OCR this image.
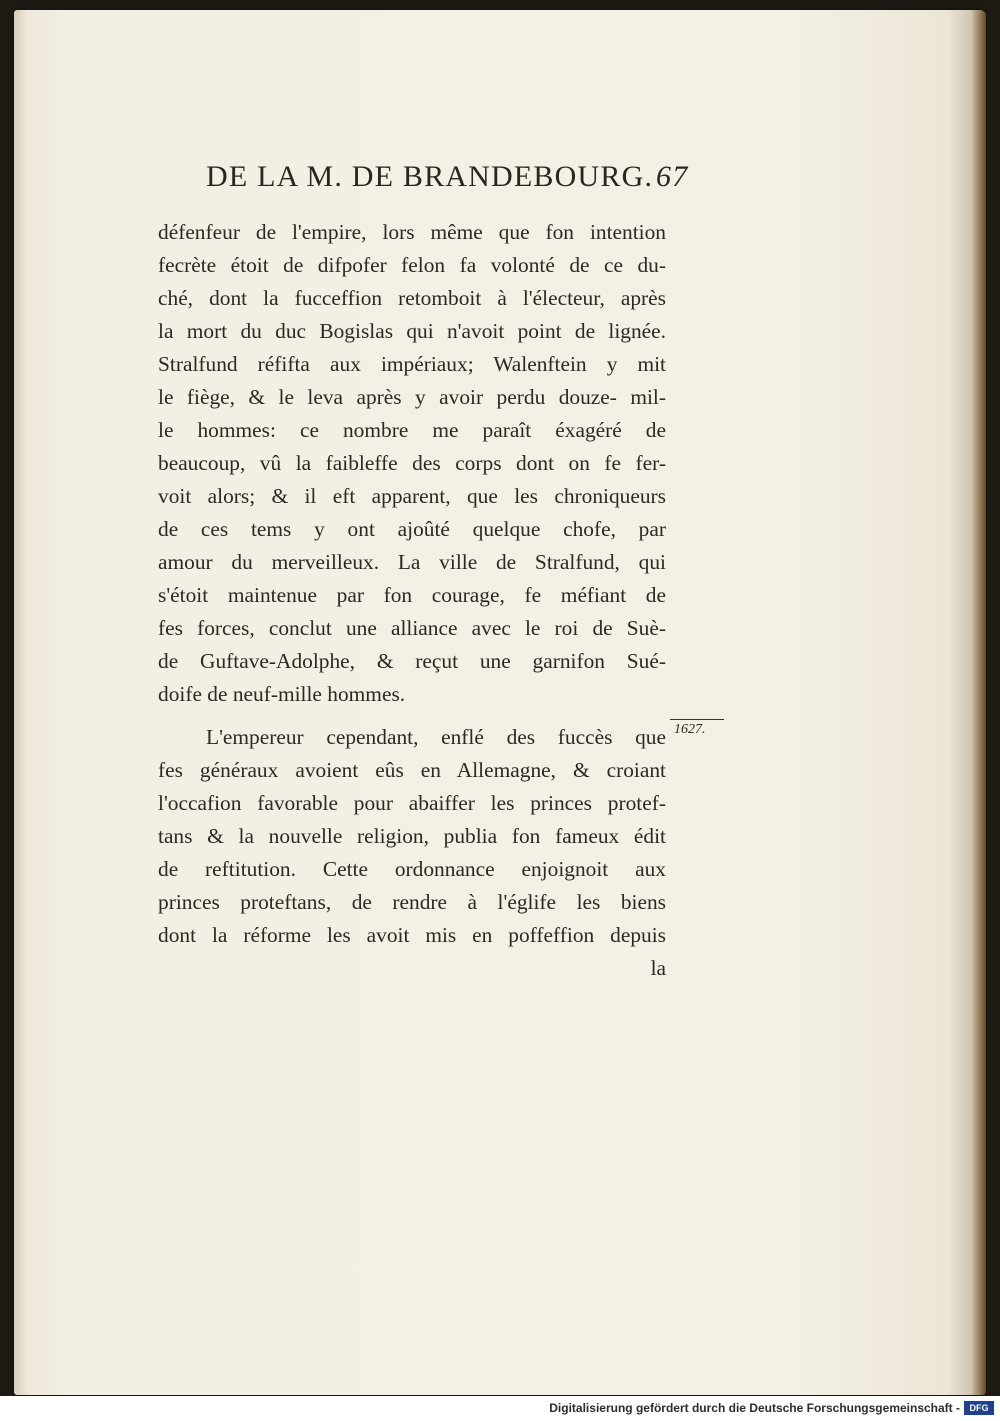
DE LA M. DE BRANDEBOURG. 67
défenfeur de l'empire, lors même que fon intention
fecrète étoit de difpofer felon fa volonté de ce du-
ché, dont la fucceffion retomboit à l'électeur, après
la mort du duc Bogislas qui n'avoit point de lignée.
Stralfund réfifta aux impériaux; Walenftein y mit
le fiège, & le leva après y avoir perdu douze- mil-
le hommes: ce nombre me paraît éxagéré de
beaucoup, vû la faibleffe des corps dont on fe fer-
voit alors; & il eft apparent, que les chroniqueurs
de ces tems y ont ajoûté quelque chofe, par
amour du merveilleux. La ville de Stralfund, qui
s'étoit maintenue par fon courage, fe méfiant de
fes forces, conclut une alliance avec le roi de Suè-
de Guftave-Adolphe, & reçut une garnifon Sué-
doife de neuf-mille hommes.
L'empereur cependant, enflé des fuccès que
fes généraux avoient eûs en Allemagne, & croiant
l'occafion favorable pour abaiffer les princes protef-
tans & la nouvelle religion, publia fon fameux édit
de reftitution. Cette ordonnance enjoignoit aux
princes proteftans, de rendre à l'églife les biens
dont la réforme les avoit mis en poffeffion depuis
la
1627.
Digitalisierung gefördert durch die Deutsche Forschungsgemeinschaft -	DFG
